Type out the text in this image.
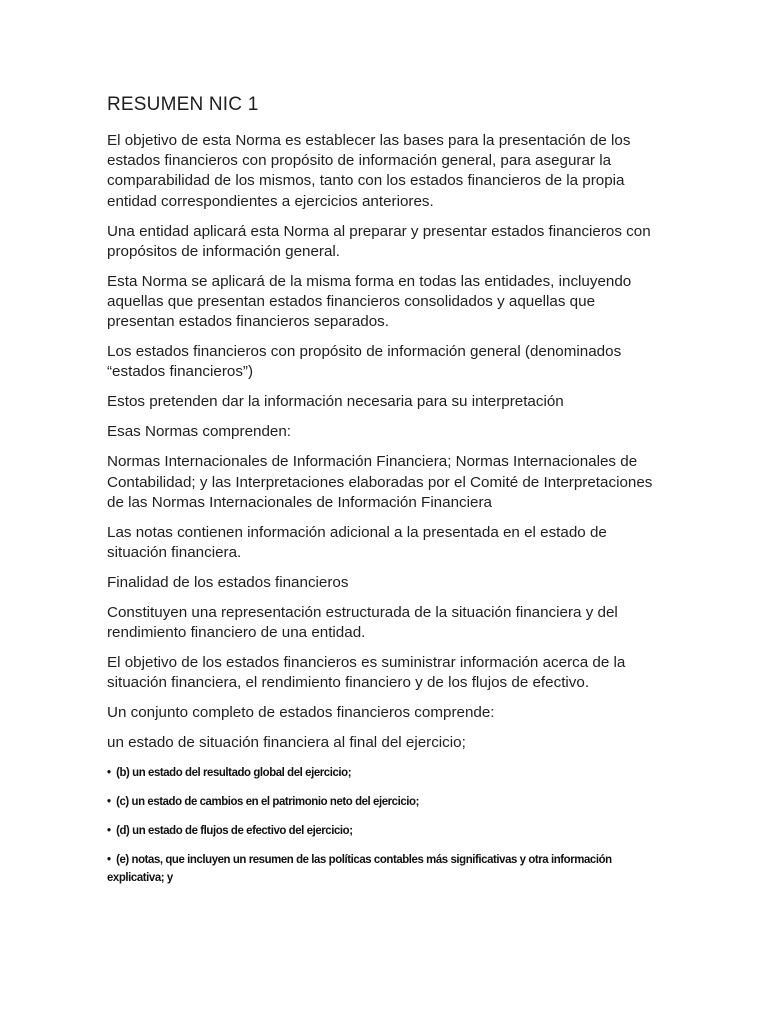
RESUMEN NIC 1

El objetivo de esta Norma es establecer las bases para la presentación de los estados financieros con propósito de información general, para asegurar la comparabilidad de los mismos, tanto con los estados financieros de la propia entidad correspondientes a ejercicios anteriores.

Una entidad aplicará esta Norma al preparar y presentar estados financieros con propósitos de información general.

Esta Norma se aplicará de la misma forma en todas las entidades, incluyendo aquellas que presentan estados financieros consolidados y aquellas que presentan estados financieros separados.

Los estados financieros con propósito de información general (denominados “estados financieros”)

Estos pretenden dar la información necesaria para su interpretación

Esas Normas comprenden:

Normas Internacionales de Información Financiera; Normas Internacionales de Contabilidad; y las Interpretaciones elaboradas por el Comité de Interpretaciones de las Normas Internacionales de Información Financiera

Las notas contienen información adicional a la presentada en el estado de situación financiera.

Finalidad de los estados financieros

Constituyen una representación estructurada de la situación financiera y del rendimiento financiero de una entidad.

El objetivo de los estados financieros es suministrar información acerca de la situación financiera, el rendimiento financiero y de los flujos de efectivo.

Un conjunto completo de estados financieros comprende:

un estado de situación financiera al final del ejercicio;

• (b) un estado del resultado global del ejercicio;
• (c) un estado de cambios en el patrimonio neto del ejercicio;
• (d) un estado de flujos de efectivo del ejercicio;
• (e) notas, que incluyen un resumen de las políticas contables más significativas y otra información explicativa; y
